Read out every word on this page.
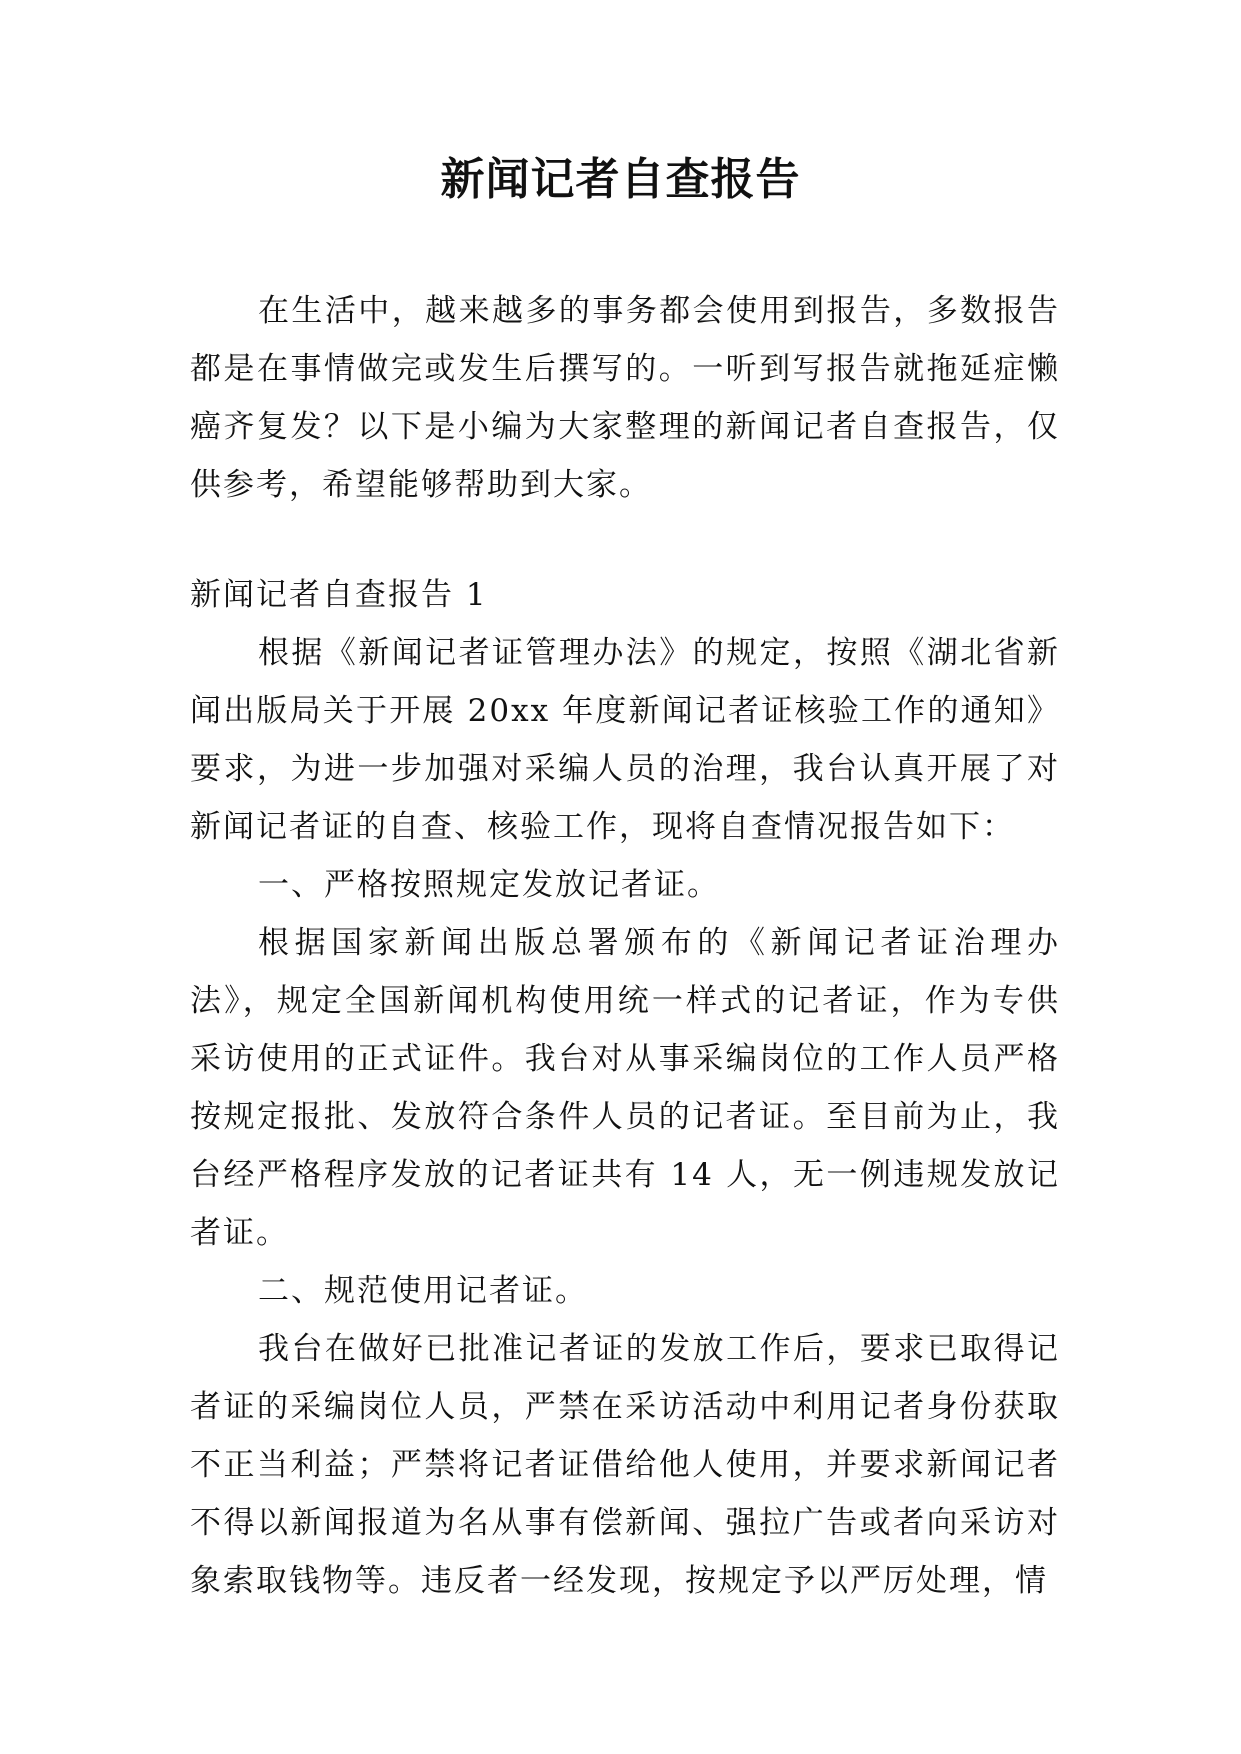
新闻记者自查报告

在生活中，越来越多的事务都会使用到报告，多数报告都是在事情做完或发生后撰写的。一听到写报告就拖延症懒癌齐复发？以下是小编为大家整理的新闻记者自查报告，仅供参考，希望能够帮助到大家。

新闻记者自查报告 1

根据《新闻记者证管理办法》的规定，按照《湖北省新闻出版局关于开展 20xx 年度新闻记者证核验工作的通知》要求，为进一步加强对采编人员的治理，我台认真开展了对新闻记者证的自查、核验工作，现将自查情况报告如下：

一、严格按照规定发放记者证。

根据国家新闻出版总署颁布的《新闻记者证治理办法》，规定全国新闻机构使用统一样式的记者证，作为专供采访使用的正式证件。我台对从事采编岗位的工作人员严格按规定报批、发放符合条件人员的记者证。至目前为止，我台经严格程序发放的记者证共有 14 人，无一例违规发放记者证。

二、规范使用记者证。

我台在做好已批准记者证的发放工作后，要求已取得记者证的采编岗位人员，严禁在采访活动中利用记者身份获取不正当利益；严禁将记者证借给他人使用，并要求新闻记者不得以新闻报道为名从事有偿新闻、强拉广告或者向采访对象索取钱物等。违反者一经发现，按规定予以严厉处理，情
